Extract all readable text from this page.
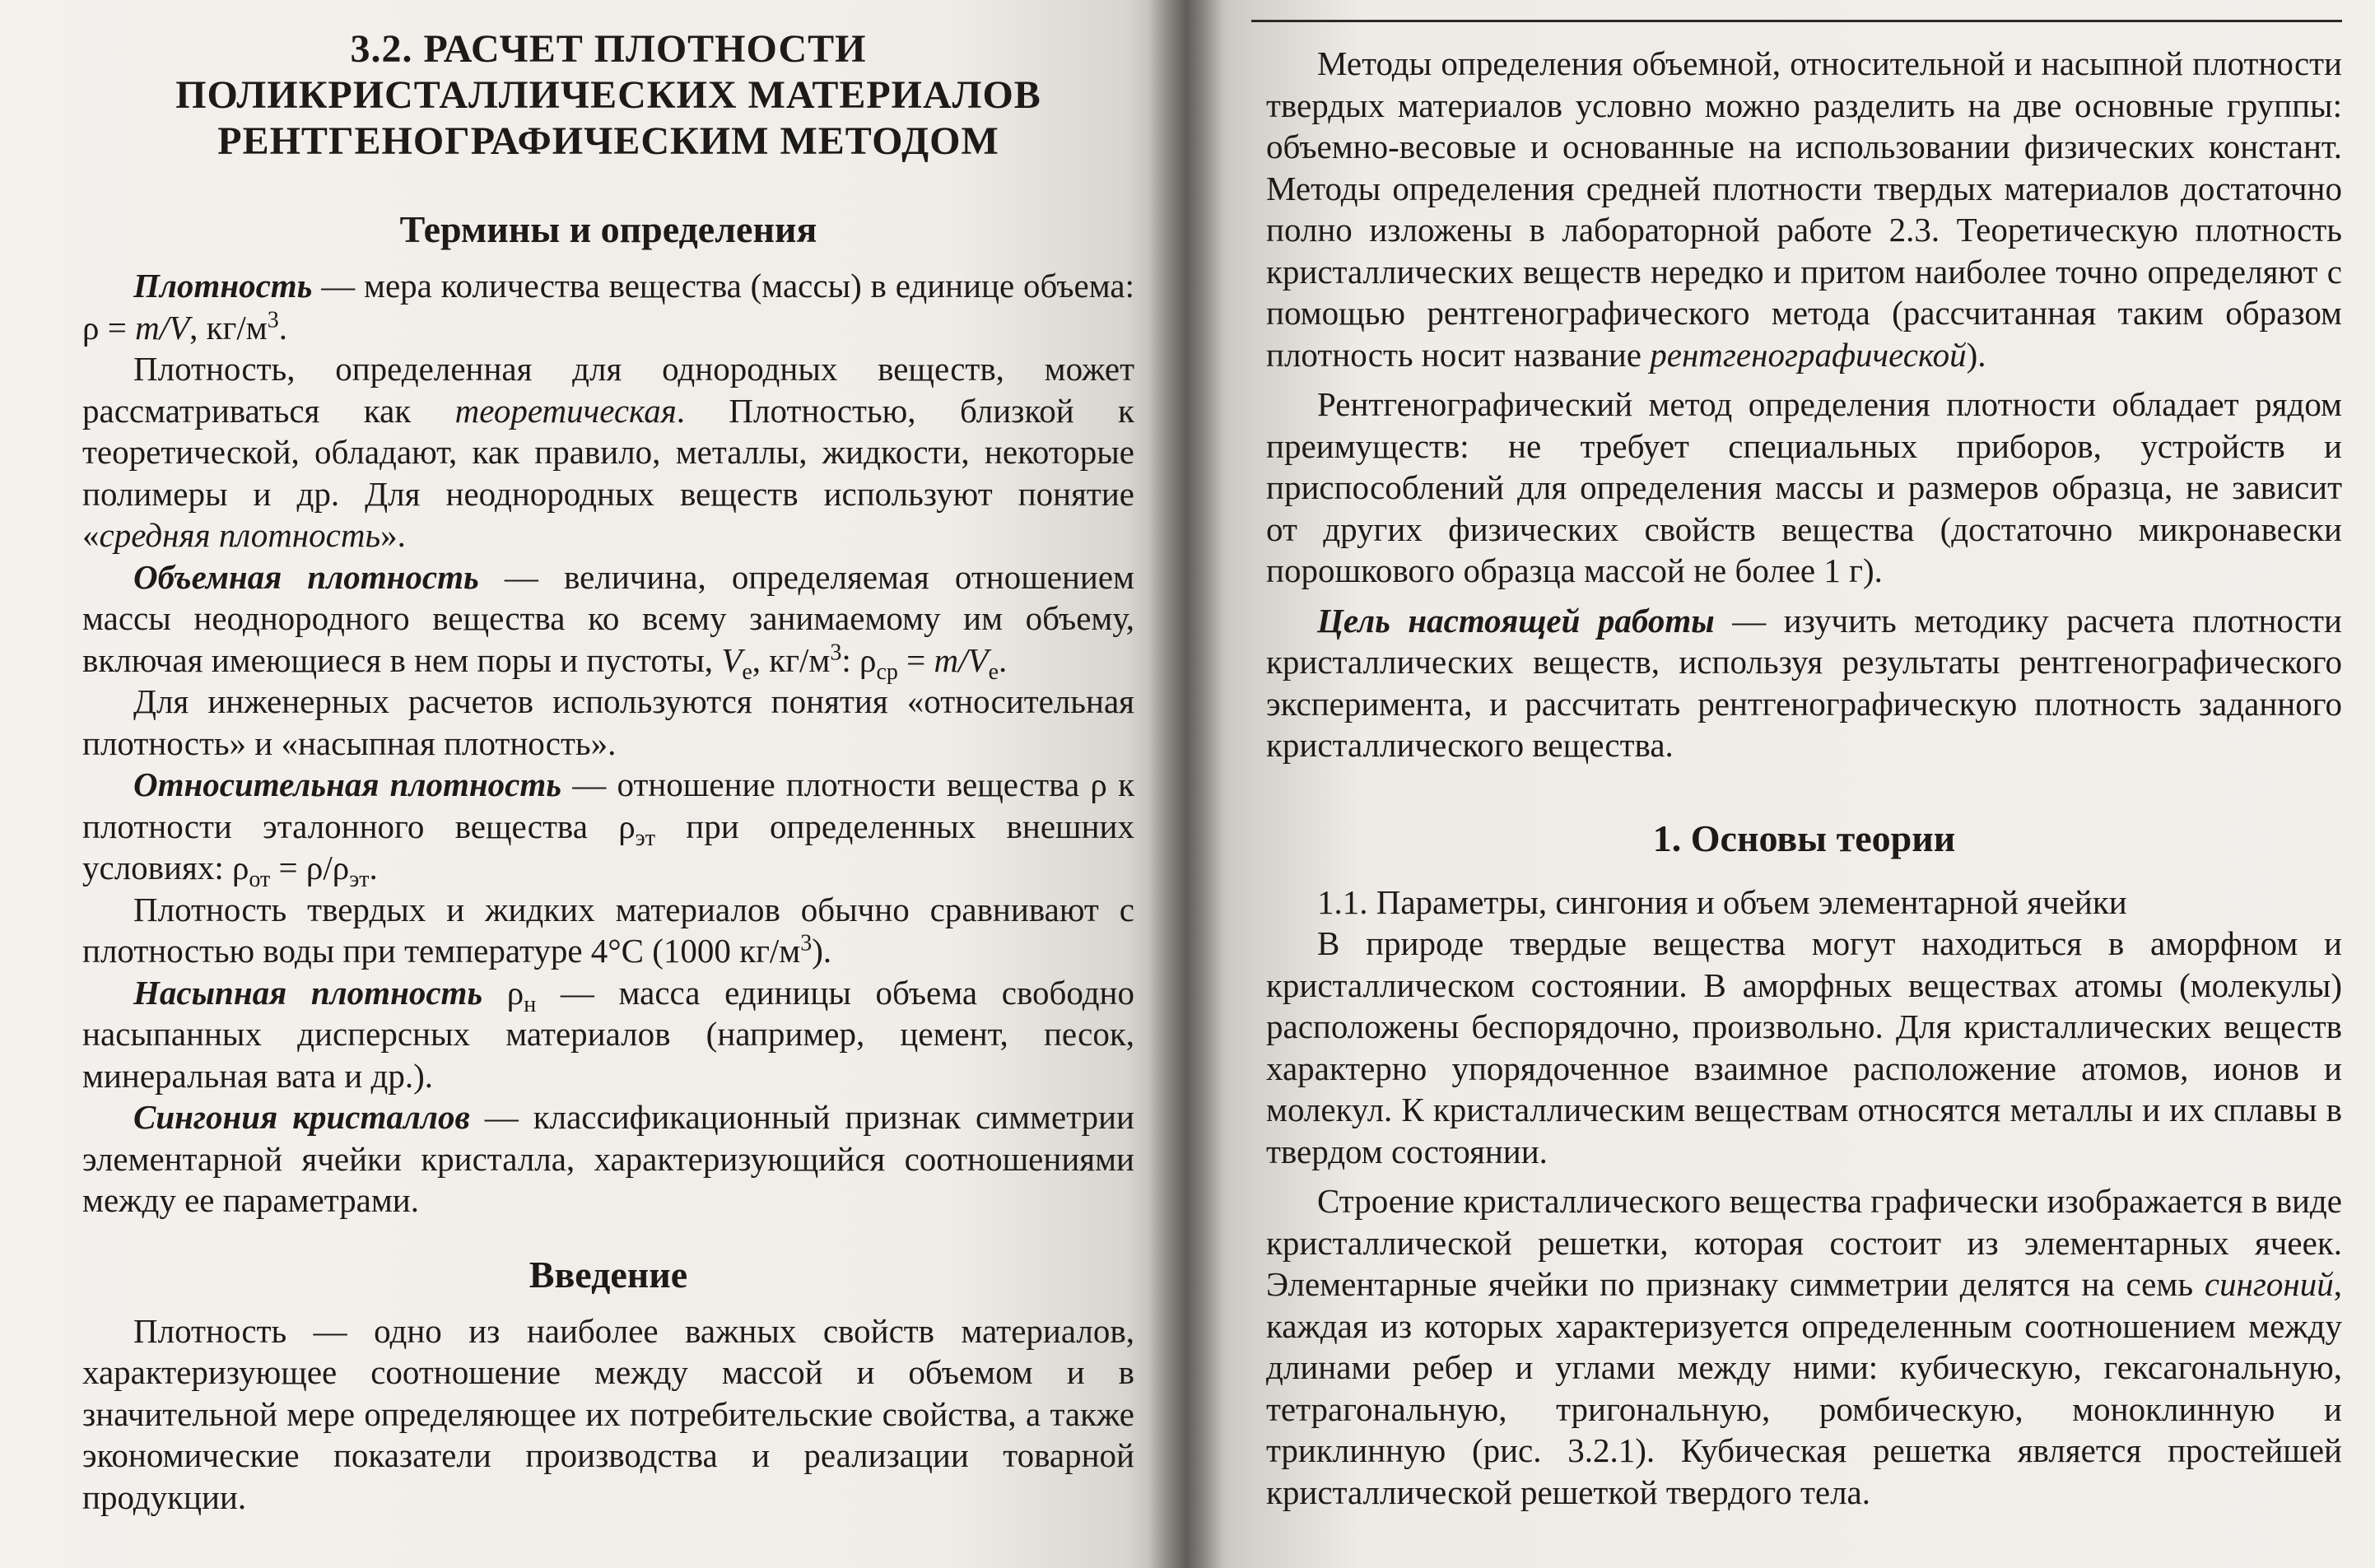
3.2. РАСЧЕТ ПЛОТНОСТИ
ПОЛИКРИСТАЛЛИЧЕСКИХ МАТЕРИАЛОВ
РЕНТГЕНОГРАФИЧЕСКИМ МЕТОДОМ
Термины и определения

Плотность — мера количества вещества (массы) в единице объема: ρ = m/V, $кг/м^3$.

Плотность, определенная для однородных веществ, может рассматриваться как теоретическая. Плотностью, близкой к теоретической, обладают, как правило, металлы, жидкости, некоторые полимеры и др. Для неоднородных веществ используют понятие «средняя плотность».

Объемная плотность — величина, определяемая отношением массы неоднородного вещества ко всему занимаемому им объему, включая имеющиеся в нем поры и пустоты, $V_e$, $кг/м^3$: $\rho_{ср} = m/V_e$.

Для инженерных расчетов используются понятия «относительная плотность» и «насыпная плотность».

Относительная плотность — отношение плотности вещества ρ к плотности эталонного вещества $\rho_{эт}$ при определенных внешних условиях: $\rho_{от} = \rho/\rho_{эт}$.

Плотность твердых и жидких материалов обычно сравнивают с плотностью воды при температуре 4°С (1000 $кг/м^3$).

Насыпная плотность $\rho_н$ — масса единицы объема свободно насыпанных дисперсных материалов (например, цемент, песок, минеральная вата и др.).

Сингония кристаллов — классификационный признак симметрии элементарной ячейки кристалла, характеризующийся соотношениями между ее параметрами.

Введение

Плотность — одно из наиболее важных свойств материалов, характеризующее соотношение между массой и объемом и в значительной мере определяющее их потребительские свойства, а также экономические показатели производства и реализации товарной продукции.

Методы определения объемной, относительной и насыпной плотности твердых материалов условно можно разделить на две основные группы: объемно-весовые и основанные на использовании физических констант. Методы определения средней плотности твердых материалов достаточно полно изложены в лабораторной работе 2.3. Теоретическую плотность кристаллических веществ нередко и притом наиболее точно определяют с помощью рентгенографического метода (рассчитанная таким образом плотность носит название рентгенографической).

Рентгенографический метод определения плотности обладает рядом преимуществ: не требует специальных приборов, устройств и приспособлений для определения массы и размеров образца, не зависит от других физических свойств вещества (достаточно микронавески порошкового образца массой не более 1 г).

Цель настоящей работы — изучить методику расчета плотности кристаллических веществ, используя результаты рентгенографического эксперимента, и рассчитать рентгенографическую плотность заданного кристаллического вещества.

1. Основы теории

1.1. Параметры, сингония и объем элементарной ячейки

В природе твердые вещества могут находиться в аморфном и кристаллическом состоянии. В аморфных веществах атомы (молекулы) расположены беспорядочно, произвольно. Для кристаллических веществ характерно упорядоченное взаимное расположение атомов, ионов и молекул. К кристаллическим веществам относятся металлы и их сплавы в твердом состоянии.

Строение кристаллического вещества графически изображается в виде кристаллической решетки, которая состоит из элементарных ячеек. Элементарные ячейки по признаку симметрии делятся на семь сингоний, каждая из которых характеризуется определенным соотношением между длинами ребер и углами между ними: кубическую, гексагональную, тетрагональную, тригональную, ромбическую, моноклинную и триклинную (рис. 3.2.1). Кубическая решетка является простейшей кристаллической решеткой твердого тела.
